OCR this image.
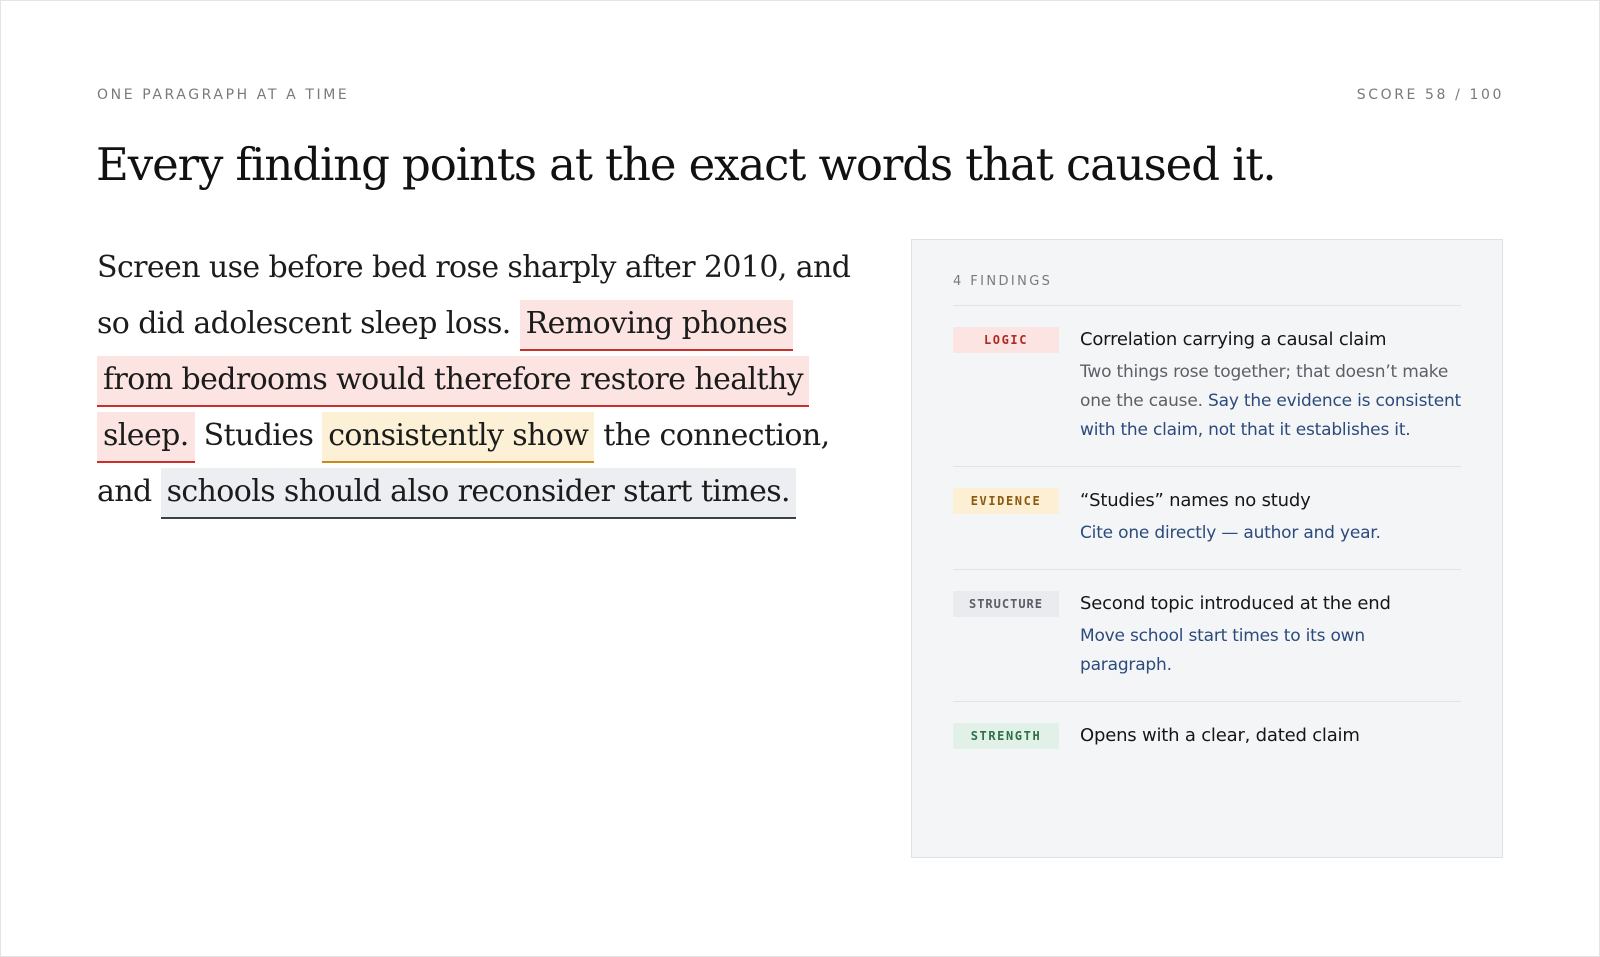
ONE PARAGRAPH AT A TIME	SCORE 58 / 100
Every finding points at the exact words that caused it.

Screen use before bed rose sharply after 2010, and so did adolescent sleep loss. Removing phones from bedrooms would therefore restore healthy sleep. Studies consistently show the connection, and schools should also reconsider start times.

4 FINDINGS
LOGIC	Correlation carrying a causal claim
Two things rose together; that doesn’t make one the cause. Say the evidence is consistent with the claim, not that it establishes it.
EVIDENCE	“Studies” names no study
Cite one directly — author and year.
STRUCTURE	Second topic introduced at the end
Move school start times to its own paragraph.
STRENGTH	Opens with a clear, dated claim
